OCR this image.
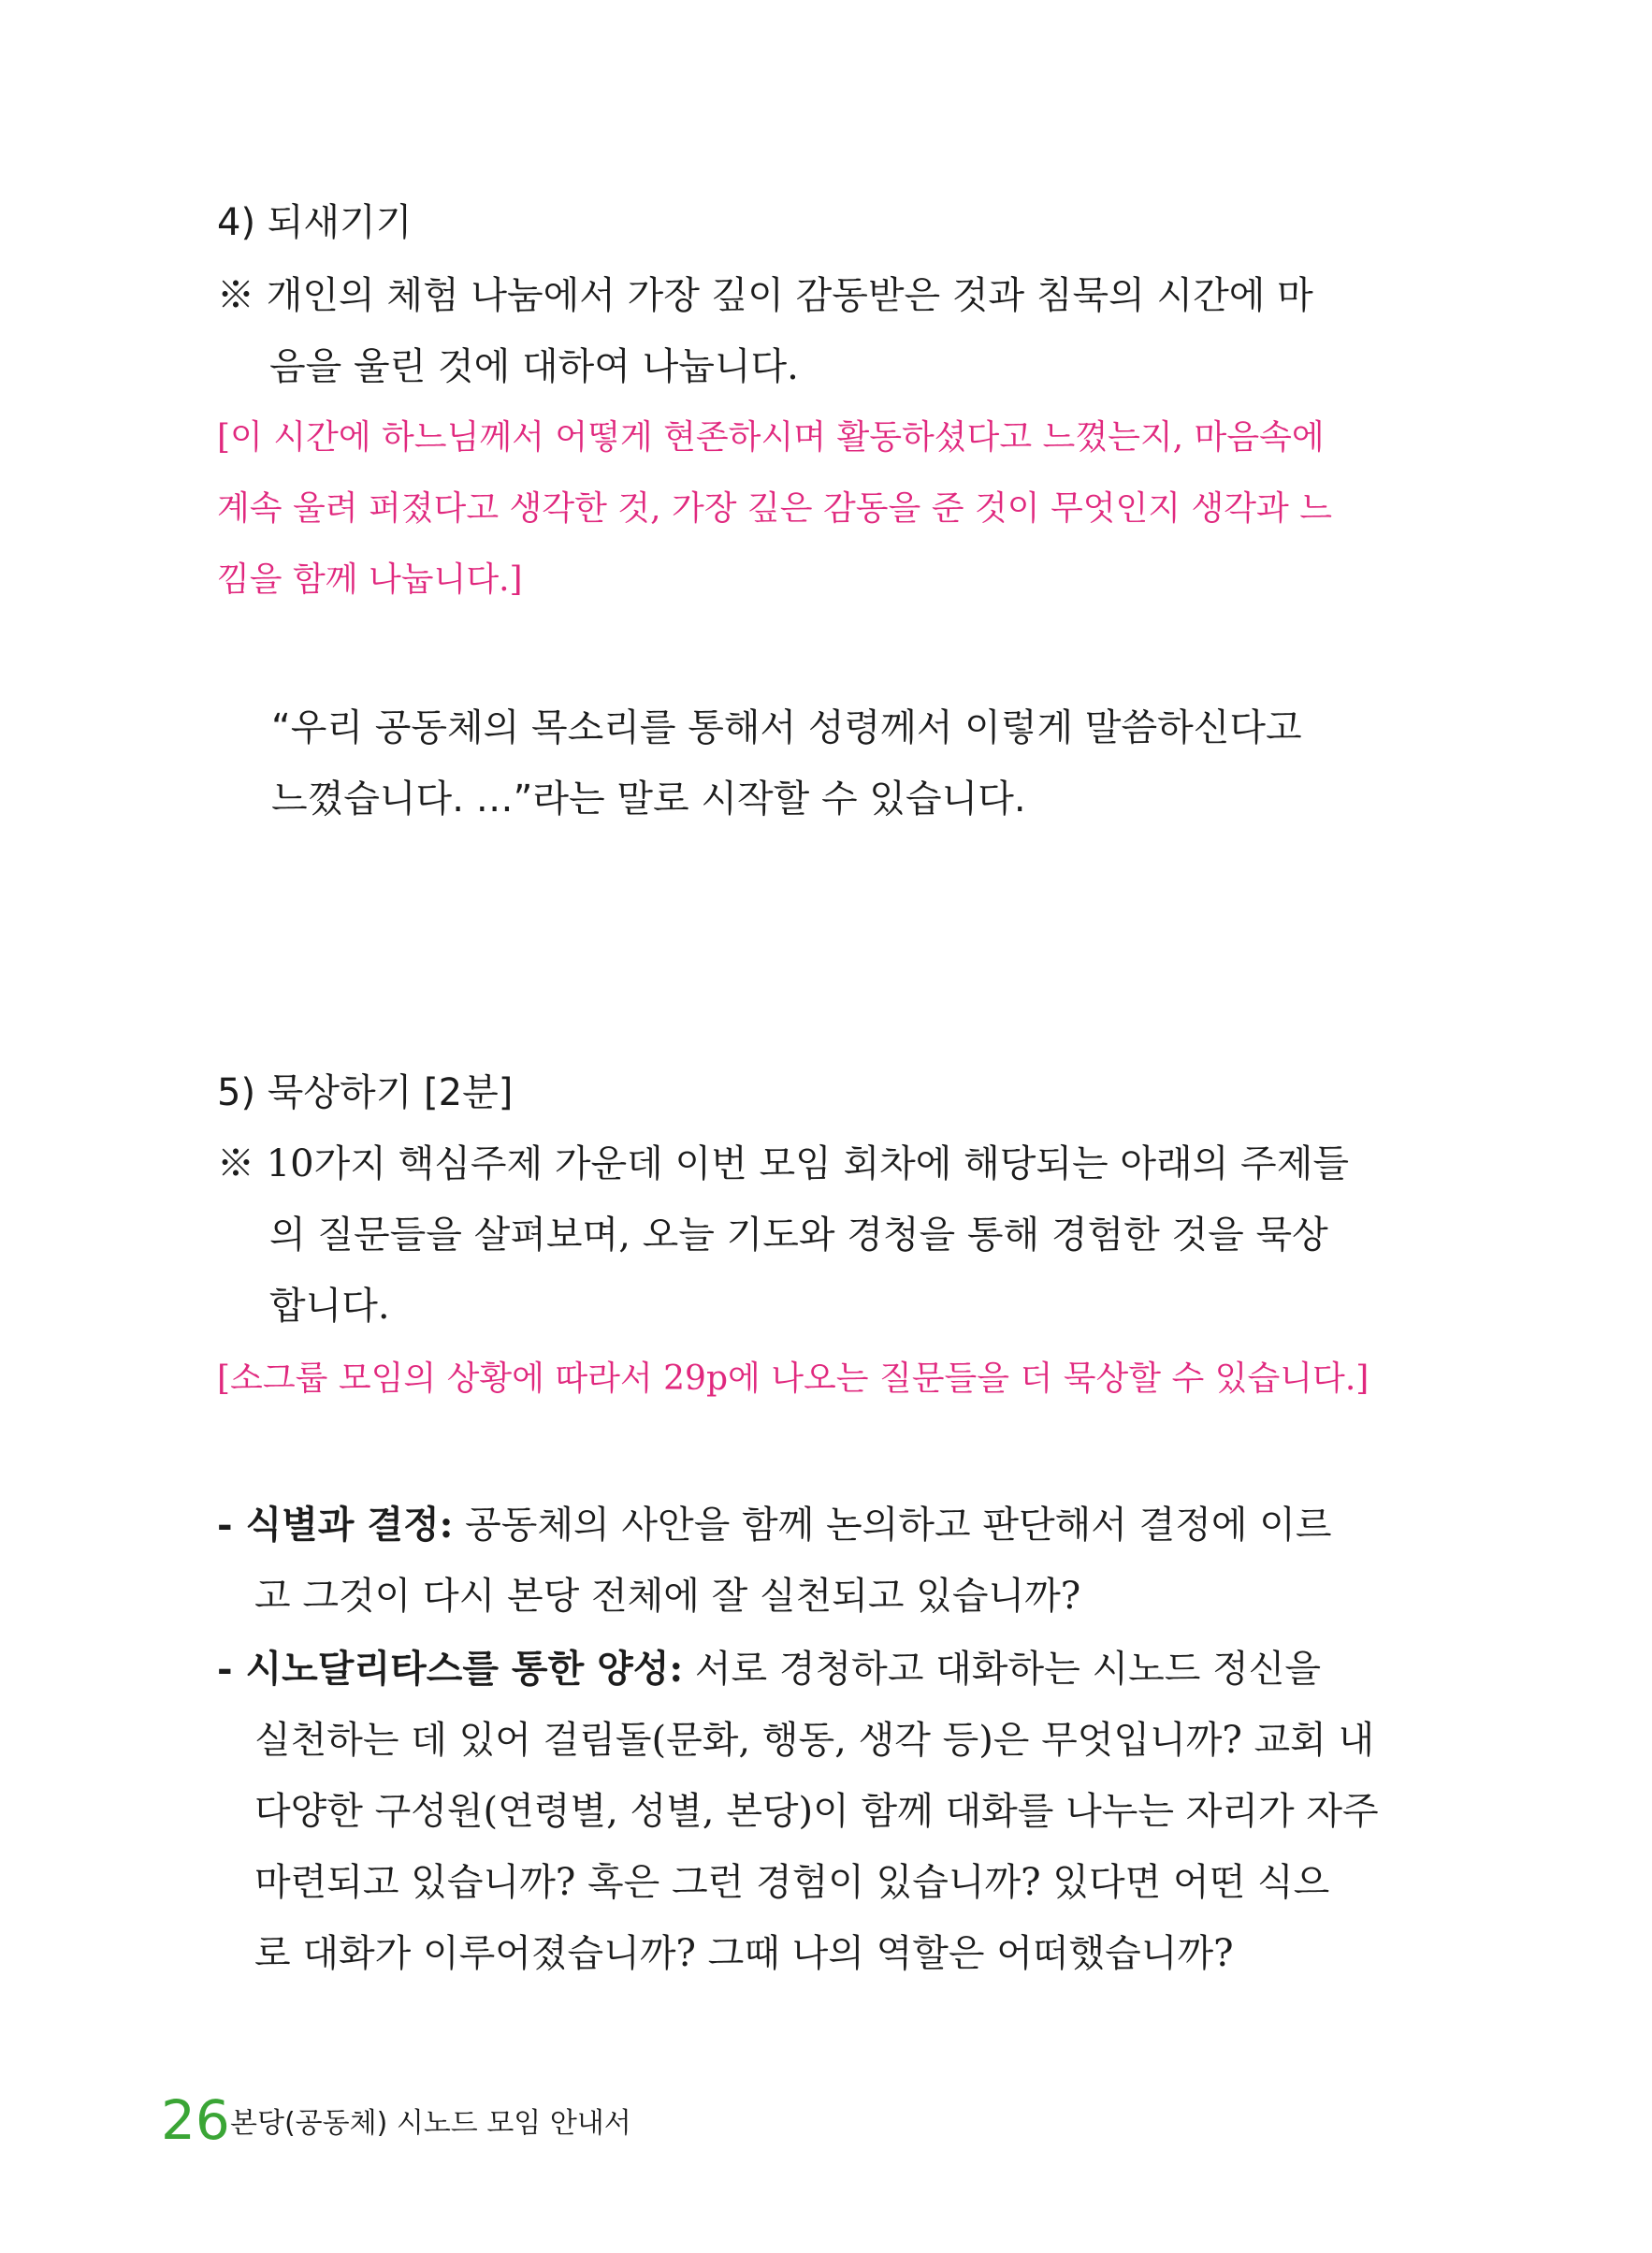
4) 되새기기
※ 개인의 체험 나눔에서 가장 깊이 감동받은 것과 침묵의 시간에 마
음을 울린 것에 대하여 나눕니다.
[이 시간에 하느님께서 어떻게 현존하시며 활동하셨다고 느꼈는지, 마음속에
계속 울려 퍼졌다고 생각한 것, 가장 깊은 감동을 준 것이 무엇인지 생각과 느
낌을 함께 나눕니다.]
“우리 공동체의 목소리를 통해서 성령께서 이렇게 말씀하신다고
느꼈습니다. …”라는 말로 시작할 수 있습니다.
5) 묵상하기 [2분]
※ 10가지 핵심주제 가운데 이번 모임 회차에 해당되는 아래의 주제들
의 질문들을 살펴보며, 오늘 기도와 경청을 통해 경험한 것을 묵상
합니다.
[소그룹 모임의 상황에 따라서 29p에 나오는 질문들을 더 묵상할 수 있습니다.]
- 식별과 결정: 공동체의 사안을 함께 논의하고 판단해서 결정에 이르
고 그것이 다시 본당 전체에 잘 실천되고 있습니까?
- 시노달리타스를 통한 양성: 서로 경청하고 대화하는 시노드 정신을
실천하는 데 있어 걸림돌(문화, 행동, 생각 등)은 무엇입니까? 교회 내
다양한 구성원(연령별, 성별, 본당)이 함께 대화를 나누는 자리가 자주
마련되고 있습니까? 혹은 그런 경험이 있습니까? 있다면 어떤 식으
로 대화가 이루어졌습니까? 그때 나의 역할은 어떠했습니까?
26 본당(공동체) 시노드 모임 안내서
